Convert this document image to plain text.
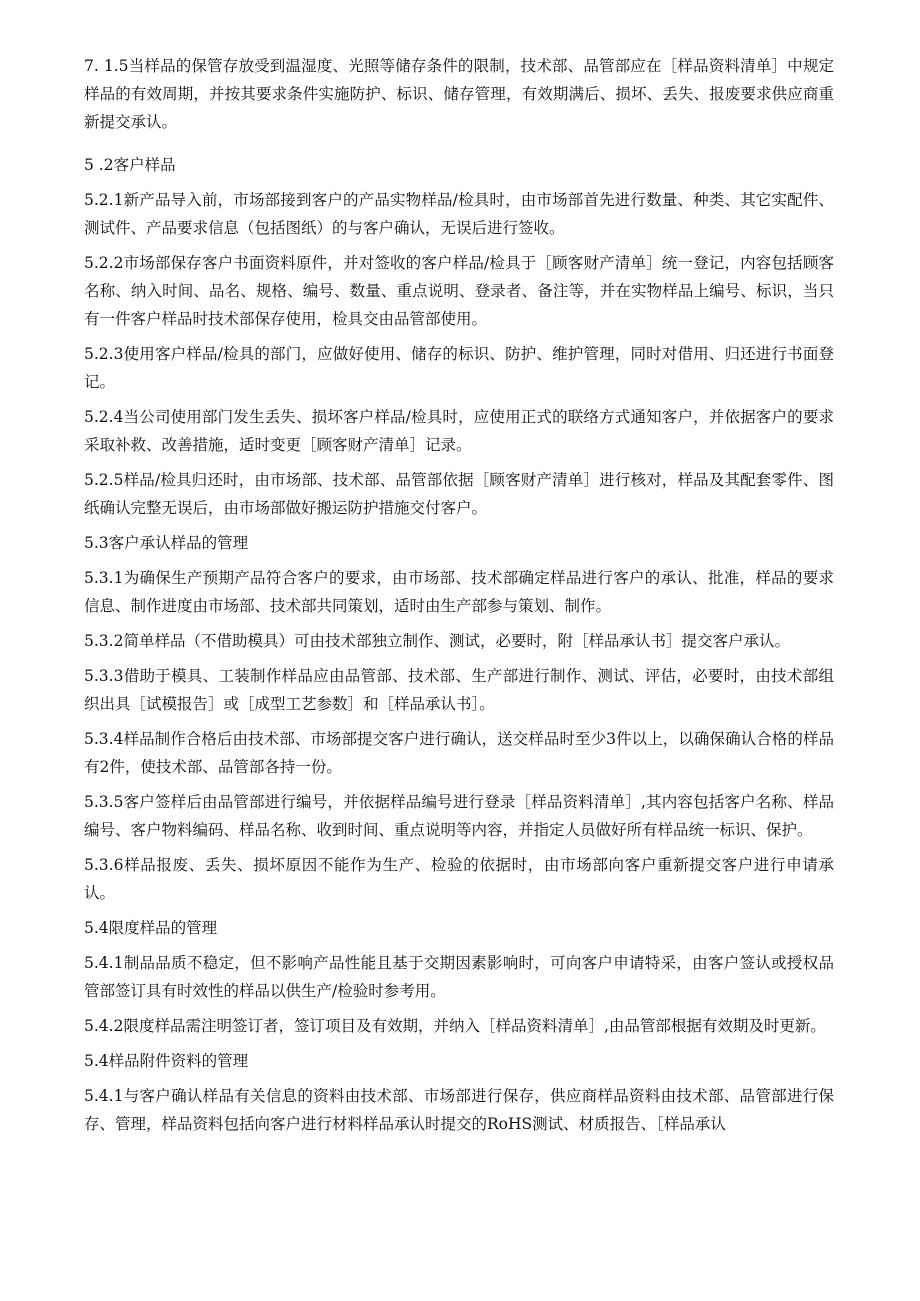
7. 1.5当样品的保管存放受到温湿度、光照等储存条件的限制，技术部、品管部应在［样品资料清单］中规定样品的有效周期，并按其要求条件实施防护、标识、储存管理，有效期满后、损坏、丢失、报废要求供应商重新提交承认。

5 .2客户样品

5.2.1新产品导入前，市场部接到客户的产品实物样品/检具时，由市场部首先进行数量、种类、其它实配件、测试件、产品要求信息（包括图纸）的与客户确认，无误后进行签收。

5.2.2市场部保存客户书面资料原件，并对签收的客户样品/检具于［顾客财产清单］统一登记，内容包括顾客名称、纳入时间、品名、规格、编号、数量、重点说明、登录者、备注等，并在实物样品上编号、标识，当只有一件客户样品时技术部保存使用，检具交由品管部使用。

5.2.3使用客户样品/检具的部门，应做好使用、储存的标识、防护、维护管理，同时对借用、归还进行书面登记。

5.2.4当公司使用部门发生丢失、损坏客户样品/检具时，应使用正式的联络方式通知客户，并依据客户的要求采取补救、改善措施，适时变更［顾客财产清单］记录。

5.2.5样品/检具归还时，由市场部、技术部、品管部依据［顾客财产清单］进行核对，样品及其配套零件、图纸确认完整无误后，由市场部做好搬运防护措施交付客户。

5.3客户承认样品的管理

5.3.1为确保生产预期产品符合客户的要求，由市场部、技术部确定样品进行客户的承认、批准，样品的要求信息、制作进度由市场部、技术部共同策划，适时由生产部参与策划、制作。

5.3.2简单样品（不借助模具）可由技术部独立制作、测试，必要时，附［样品承认书］提交客户承认。

5.3.3借助于模具、工装制作样品应由品管部、技术部、生产部进行制作、测试、评估，必要时，由技术部组织出具［试模报告］或［成型工艺参数］和［样品承认书］。

5.3.4样品制作合格后由技术部、市场部提交客户进行确认，送交样品时至少3件以上，以确保确认合格的样品有2件，使技术部、品管部各持一份。

5.3.5客户签样后由品管部进行编号，并依据样品编号进行登录［样品资料清单］,其内容包括客户名称、样品编号、客户物料编码、样品名称、收到时间、重点说明等内容，并指定人员做好所有样品统一标识、保护。

5.3.6样品报废、丢失、损坏原因不能作为生产、检验的依据时，由市场部向客户重新提交客户进行申请承认。

5.4限度样品的管理

5.4.1制品品质不稳定，但不影响产品性能且基于交期因素影响时，可向客户申请特采，由客户签认或授权品管部签订具有时效性的样品以供生产/检验时参考用。

5.4.2限度样品需注明签订者，签订项目及有效期，并纳入［样品资料清单］,由品管部根据有效期及时更新。

5.4样品附件资料的管理

5.4.1与客户确认样品有关信息的资料由技术部、市场部进行保存，供应商样品资料由技术部、品管部进行保存、管理，样品资料包括向客户进行材料样品承认时提交的RoHS测试、材质报告、［样品承认
